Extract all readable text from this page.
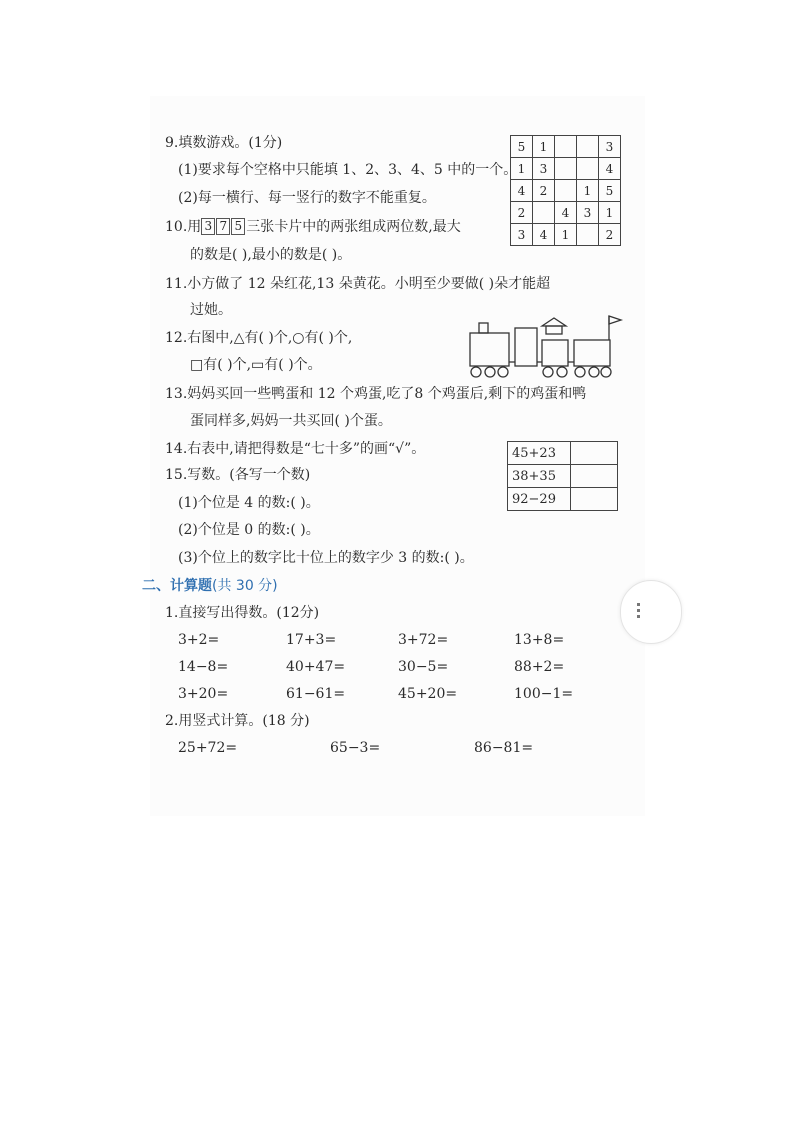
9.填数游戏。(1分)
(1)要求每个空格中只能填 1、2、3、4、5 中的一个。
(2)每一横行、每一竖行的数字不能重复。
5	1			3
1	3			4
4	2		1	5
2		4	3	1
3	4	1		2
10.用 3 7 5 三张卡片中的两张组成两位数,最大
的数是( ),最小的数是( )。
11.小方做了 12 朵红花,13 朵黄花。小明至少要做( )朵才能超
过她。
12.右图中,△有( )个,○有( )个,
□有( )个,▭有( )个。
13.妈妈买回一些鸭蛋和 12 个鸡蛋,吃了8 个鸡蛋后,剩下的鸡蛋和鸭
蛋同样多,妈妈一共买回( )个蛋。
14.右表中,请把得数是“七十多”的画“√”。	45+23	
38+35	
92−29	
15.写数。(各写一个数)
(1)个位是 4 的数:( )。
(2)个位是 0 的数:( )。
(3)个位上的数字比十位上的数字少 3 的数:( )。
二、计算题(共 30 分)
1.直接写出得数。(12分)
3+2=	17+3=	3+72=	13+8=
14−8=	40+47=	30−5=	88+2=
3+20=	61−61=	45+20=	100−1=
2.用竖式计算。(18 分)
25+72=	65−3=	86−81=
